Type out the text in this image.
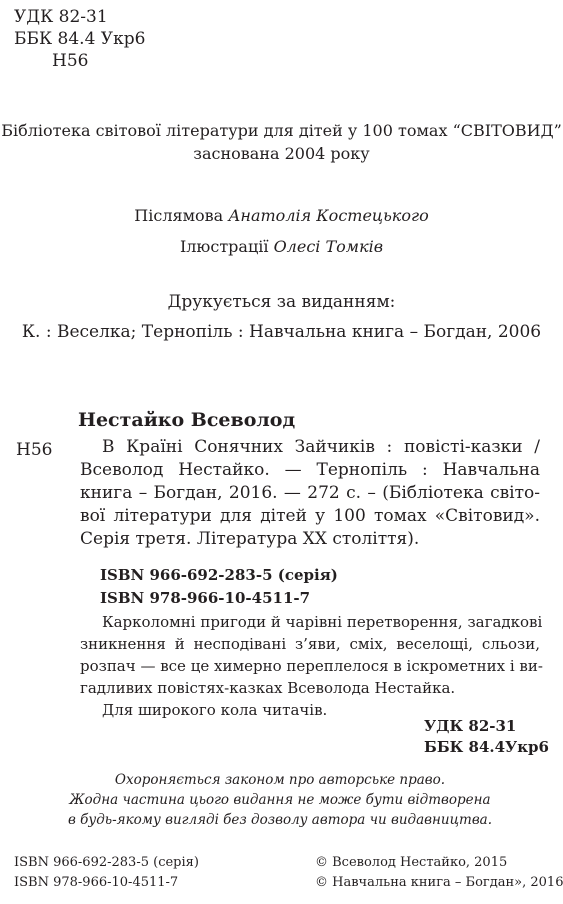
УДК 82-31
ББК 84.4 Укр6
Н56
Бібліотека світової літератури для дітей у 100 томах “СВІТОВИД”
заснована 2004 року
Післямова Анатолія Костецького
Ілюстрації Олесі Томків
Друкується за виданням:
К. : Веселка; Тернопіль : Навчальна книга – Богдан, 2006
Нестайко Всеволод
Н56	В Країні Сонячних Зайчиків : повісті-казки /
Всеволод Нестайко. — Тернопіль : Навчальна
книга – Богдан, 2016. — 272 с. – (Бібліотека світо-
вої літератури для дітей у 100 томах «Світовид».
Серія третя. Література ХХ століття).
ISBN 966-692-283-5 (серія)
ISBN 978-966-10-4511-7
Карколомні пригоди й чарівні перетворення, загадкові
зникнення й несподівані з’яви, сміх, веселощі, сльози,
розпач — все це химерно переплелося в іскрометних і ви-
гадливих повістях-казках Всеволода Нестайка.
Для широкого кола читачів.
УДК 82-31
ББК 84.4Укр6
Охороняється законом про авторське право.
Жодна частина цього видання не може бути відтворена
в будь-якому вигляді без дозволу автора чи видавництва.
ISBN 966-692-283-5 (серія)
ISBN 978-966-10-4511-7
© Всеволод Нестайко, 2015
© Навчальна книга – Богдан», 2016
